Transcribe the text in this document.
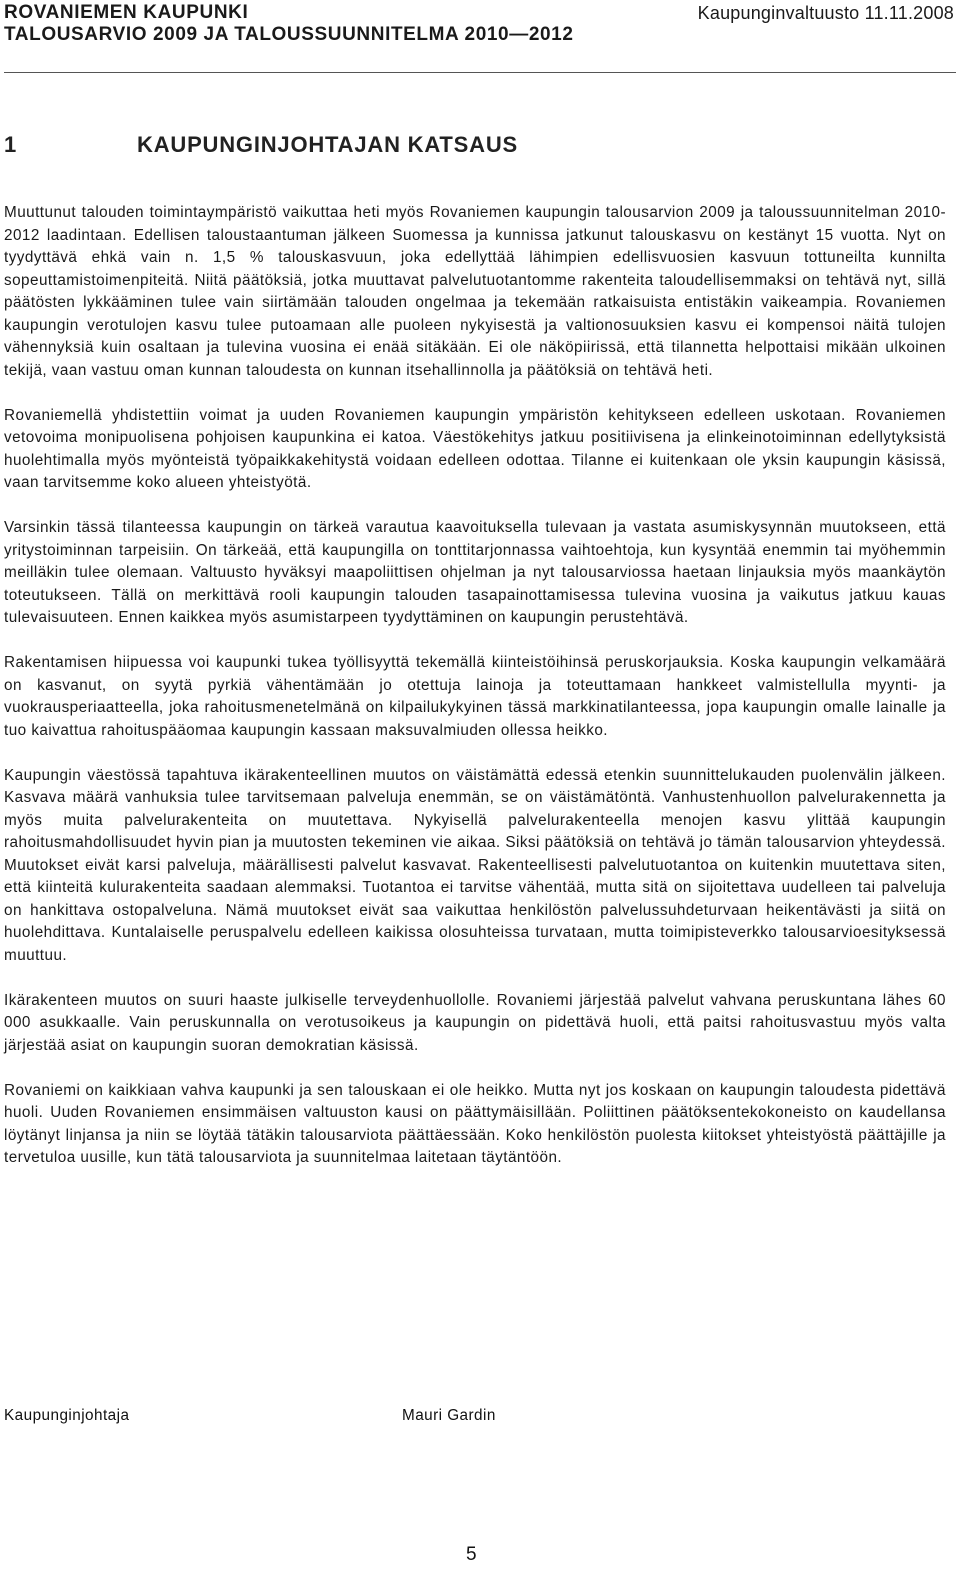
ROVANIEMEN KAUPUNKI
TALOUSARVIO 2009 JA TALOUSSUUNNITELMA 2010—2012
Kaupunginvaltuusto 11.11.2008
1	KAUPUNGINJOHTAJAN KATSAUS

Muuttunut talouden toimintaympäristö vaikuttaa heti myös Rovaniemen kaupungin talousarvion 2009 ja taloussuunnitelman 2010- 2012 laadintaan. Edellisen taloustaantuman jälkeen Suomessa ja kunnissa jatkunut talouskasvu on kestänyt 15 vuotta. Nyt on tyydyttävä ehkä vain n. 1,5 % talouskasvuun, joka edellyttää lähimpien edellisvuosien kasvuun tottuneilta kunnilta sopeuttamistoimenpiteitä. Niitä päätöksiä, jotka muuttavat palvelutuotantomme rakenteita taloudellisemmaksi on tehtävä nyt, sillä päätösten lykkääminen tulee vain siirtämään talouden ongelmaa ja tekemään ratkaisuista entistäkin vaikeampia. Rovaniemen kaupungin verotulojen kasvu tulee putoamaan alle puoleen nykyisestä ja valtionosuuksien kasvu ei kompensoi näitä tulojen vähennyksiä kuin osaltaan ja tulevina vuosina ei enää sitäkään. Ei ole näköpiirissä, että tilannetta helpottaisi mikään ulkoinen tekijä, vaan vastuu oman kunnan taloudesta on kunnan itsehallinnolla ja päätöksiä on tehtävä heti.

Rovaniemellä yhdistettiin voimat ja uuden Rovaniemen kaupungin ympäristön kehitykseen edelleen uskotaan. Rovaniemen vetovoima monipuolisena pohjoisen kaupunkina ei katoa. Väestökehitys jatkuu positiivisena ja elinkeinotoiminnan edellytyksistä huolehtimalla myös myönteistä työpaikkakehitystä voidaan edelleen odottaa. Tilanne ei kuitenkaan ole yksin kaupungin käsissä, vaan tarvitsemme koko alueen yhteistyötä.

Varsinkin tässä tilanteessa kaupungin on tärkeä varautua kaavoituksella tulevaan ja vastata asumiskysynnän muutokseen, että yritystoiminnan tarpeisiin. On tärkeää, että kaupungilla on tonttitarjonnassa vaihtoehtoja, kun kysyntää enemmin tai myöhemmin meilläkin tulee olemaan. Valtuusto hyväksyi maapoliittisen ohjelman ja nyt talousarviossa haetaan linjauksia myös maankäytön toteutukseen. Tällä on merkittävä rooli kaupungin talouden tasapainottamisessa tulevina vuosina ja vaikutus jatkuu kauas tulevaisuuteen. Ennen kaikkea myös asumistarpeen tyydyttäminen on kaupungin perustehtävä.

Rakentamisen hiipuessa voi kaupunki tukea työllisyyttä tekemällä kiinteistöihinsä peruskorjauksia. Koska kaupungin velkamäärä on kasvanut, on syytä pyrkiä vähentämään jo otettuja lainoja ja toteuttamaan hankkeet valmistellulla myynti- ja vuokrausperiaatteella, joka rahoitusmenetelmänä on kilpailukykyinen tässä markkinatilanteessa, jopa kaupungin omalle lainalle ja tuo kaivattua rahoituspääomaa kaupungin kassaan maksuvalmiuden ollessa heikko.

Kaupungin väestössä tapahtuva ikärakenteellinen muutos on väistämättä edessä etenkin suunnittelukauden puolenvälin jälkeen. Kasvava määrä vanhuksia tulee tarvitsemaan palveluja enemmän, se on väistämätöntä. Vanhustenhuollon palvelurakennetta ja myös muita palvelurakenteita on muutettava. Nykyisellä palvelurakenteella menojen kasvu ylittää kaupungin rahoitusmahdollisuudet hyvin pian ja muutosten tekeminen vie aikaa. Siksi päätöksiä on tehtävä jo tämän talousarvion yhteydessä. Muutokset eivät karsi palveluja, määrällisesti palvelut kasvavat. Rakenteellisesti palvelutuotantoa on kuitenkin muutettava siten, että kiinteitä kulurakenteita saadaan alemmaksi. Tuotantoa ei tarvitse vähentää, mutta sitä on sijoitettava uudelleen tai palveluja on hankittava ostopalveluna. Nämä muutokset eivät saa vaikuttaa henkilöstön palvelussuhdeturvaan heikentävästi ja siitä on huolehdittava. Kuntalaiselle peruspalvelu edelleen kaikissa olosuhteissa turvataan, mutta toimipisteverkko talousarvioesityksessä muuttuu.

Ikärakenteen muutos on suuri haaste julkiselle terveydenhuollolle. Rovaniemi järjestää palvelut vahvana peruskuntana lähes 60 000 asukkaalle. Vain peruskunnalla on verotusoikeus ja kaupungin on pidettävä huoli, että paitsi rahoitusvastuu myös valta järjestää asiat on kaupungin suoran demokratian käsissä.

Rovaniemi on kaikkiaan vahva kaupunki ja sen talouskaan ei ole heikko. Mutta nyt jos koskaan on kaupungin taloudesta pidettävä huoli. Uuden Rovaniemen ensimmäisen valtuuston kausi on päättymäisillään. Poliittinen päätöksentekokoneisto on kaudellansa löytänyt linjansa ja niin se löytää tätäkin talousarviota päättäessään. Koko henkilöstön puolesta kiitokset yhteistyöstä päättäjille ja tervetuloa uusille, kun tätä talousarviota ja suunnitelmaa laitetaan täytäntöön.

Kaupunginjohtaja	Mauri Gardin
5
